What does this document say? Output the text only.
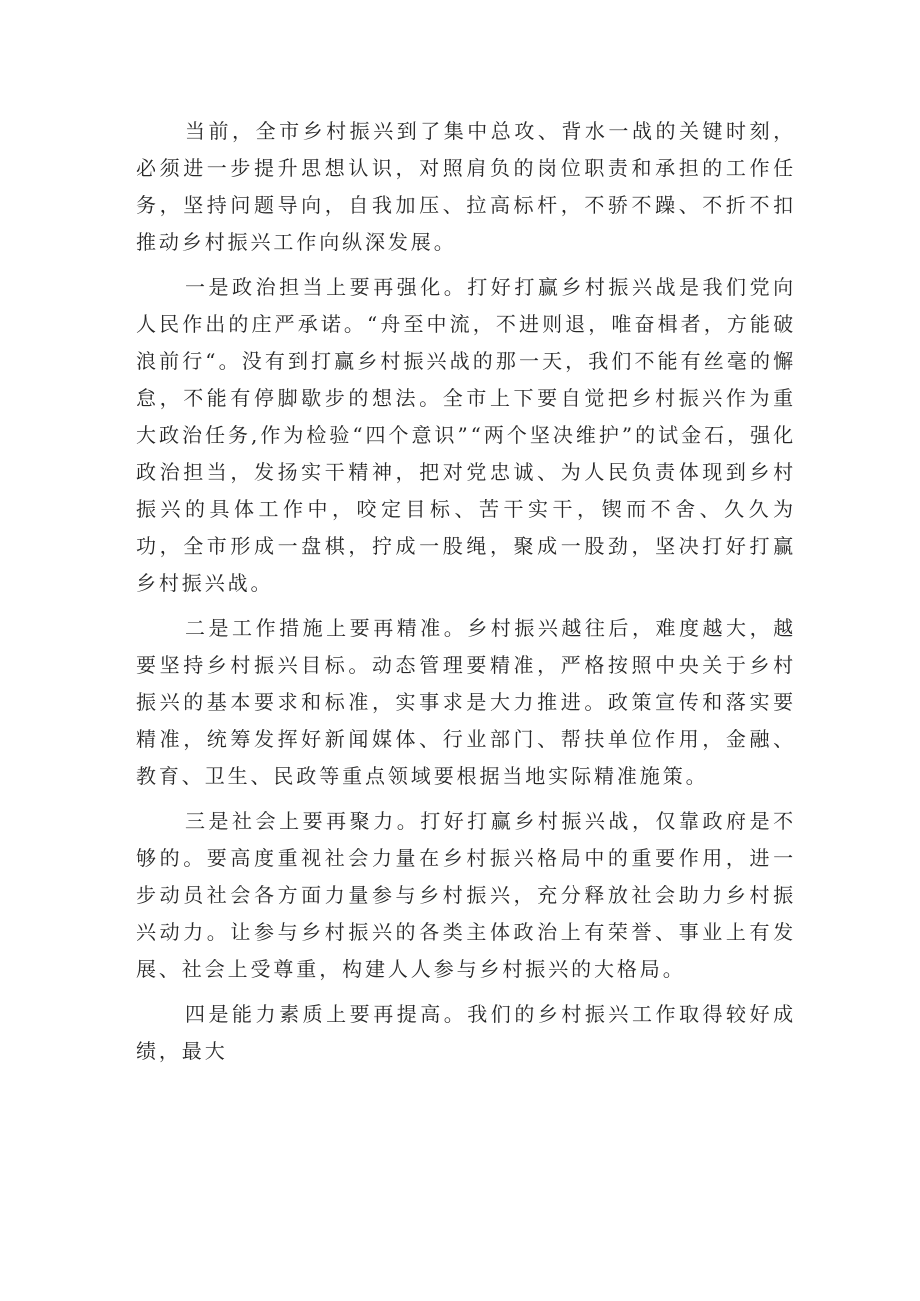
当前，全市乡村振兴到了集中总攻、背水一战的关键时刻，必须进一步提升思想认识，对照肩负的岗位职责和承担的工作任务，坚持问题导向，自我加压、拉高标杆，不骄不躁、不折不扣推动乡村振兴工作向纵深发展。

一是政治担当上要再强化。打好打赢乡村振兴战是我们党向人民作出的庄严承诺。“舟至中流，不进则退，唯奋楫者，方能破浪前行“。没有到打赢乡村振兴战的那一天，我们不能有丝毫的懈怠，不能有停脚歇步的想法。全市上下要自觉把乡村振兴作为重大政治任务,作为检验“四个意识”“两个坚决维护”的试金石，强化政治担当，发扬实干精神，把对党忠诚、为人民负责体现到乡村振兴的具体工作中，咬定目标、苦干实干，锲而不舍、久久为功，全市形成一盘棋，拧成一股绳，聚成一股劲，坚决打好打赢乡村振兴战。

二是工作措施上要再精准。乡村振兴越往后，难度越大，越要坚持乡村振兴目标。动态管理要精准，严格按照中央关于乡村振兴的基本要求和标准，实事求是大力推进。政策宣传和落实要精准，统筹发挥好新闻媒体、行业部门、帮扶单位作用，金融、教育、卫生、民政等重点领域要根据当地实际精准施策。

三是社会上要再聚力。打好打赢乡村振兴战，仅靠政府是不够的。要高度重视社会力量在乡村振兴格局中的重要作用，进一步动员社会各方面力量参与乡村振兴，充分释放社会助力乡村振兴动力。让参与乡村振兴的各类主体政治上有荣誉、事业上有发展、社会上受尊重，构建人人参与乡村振兴的大格局。

四是能力素质上要再提高。我们的乡村振兴工作取得较好成绩，最大
